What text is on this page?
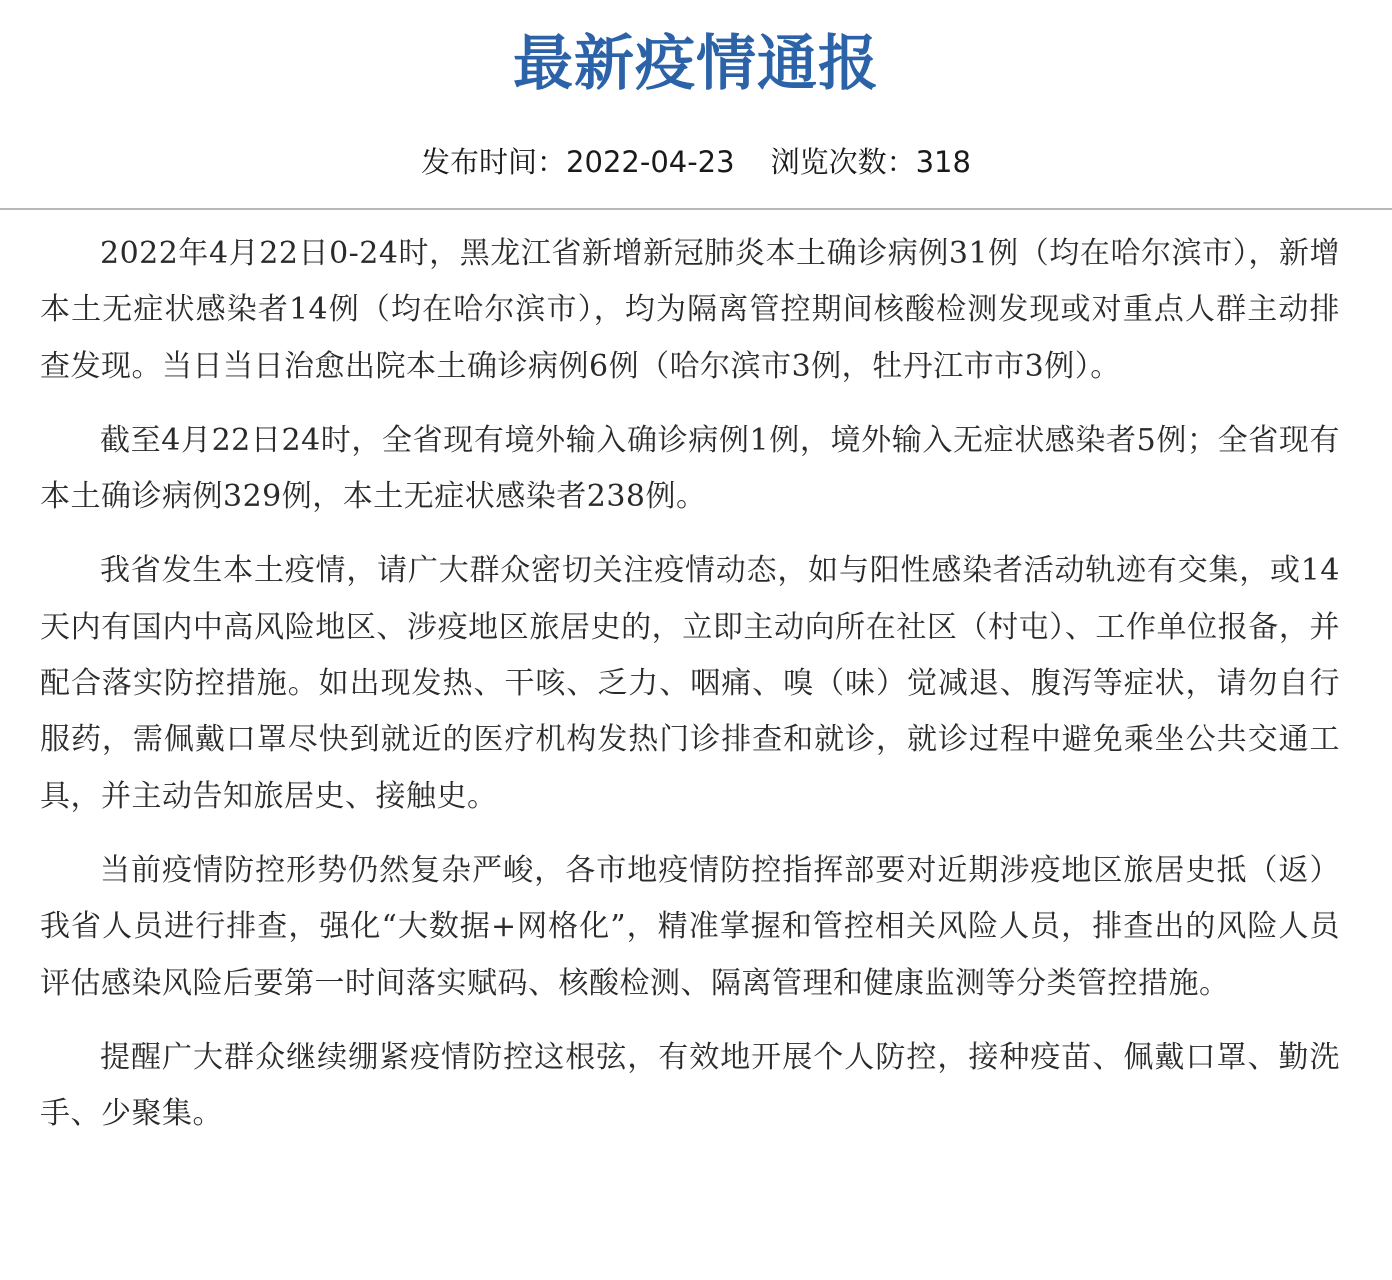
最新疫情通报
发布时间：2022-04-23 浏览次数：318

2022年4月22日0-24时，黑龙江省新增新冠肺炎本土确诊病例31例（均在哈尔滨市），新增本土无症状感染者14例（均在哈尔滨市），均为隔离管控期间核酸检测发现或对重点人群主动排查发现。当日当日治愈出院本土确诊病例6例（哈尔滨市3例，牡丹江市市3例）。

截至4月22日24时，全省现有境外输入确诊病例1例，境外输入无症状感染者5例；全省现有本土确诊病例329例，本土无症状感染者238例。

我省发生本土疫情，请广大群众密切关注疫情动态，如与阳性感染者活动轨迹有交集，或14天内有国内中高风险地区、涉疫地区旅居史的，立即主动向所在社区（村屯）、工作单位报备，并配合落实防控措施。如出现发热、干咳、乏力、咽痛、嗅（味）觉减退、腹泻等症状，请勿自行服药，需佩戴口罩尽快到就近的医疗机构发热门诊排查和就诊，就诊过程中避免乘坐公共交通工具，并主动告知旅居史、接触史。

当前疫情防控形势仍然复杂严峻，各市地疫情防控指挥部要对近期涉疫地区旅居史抵（返）我省人员进行排查，强化“大数据+网格化”，精准掌握和管控相关风险人员，排查出的风险人员评估感染风险后要第一时间落实赋码、核酸检测、隔离管理和健康监测等分类管控措施。

提醒广大群众继续绷紧疫情防控这根弦，有效地开展个人防控，接种疫苗、佩戴口罩、勤洗手、少聚集。
